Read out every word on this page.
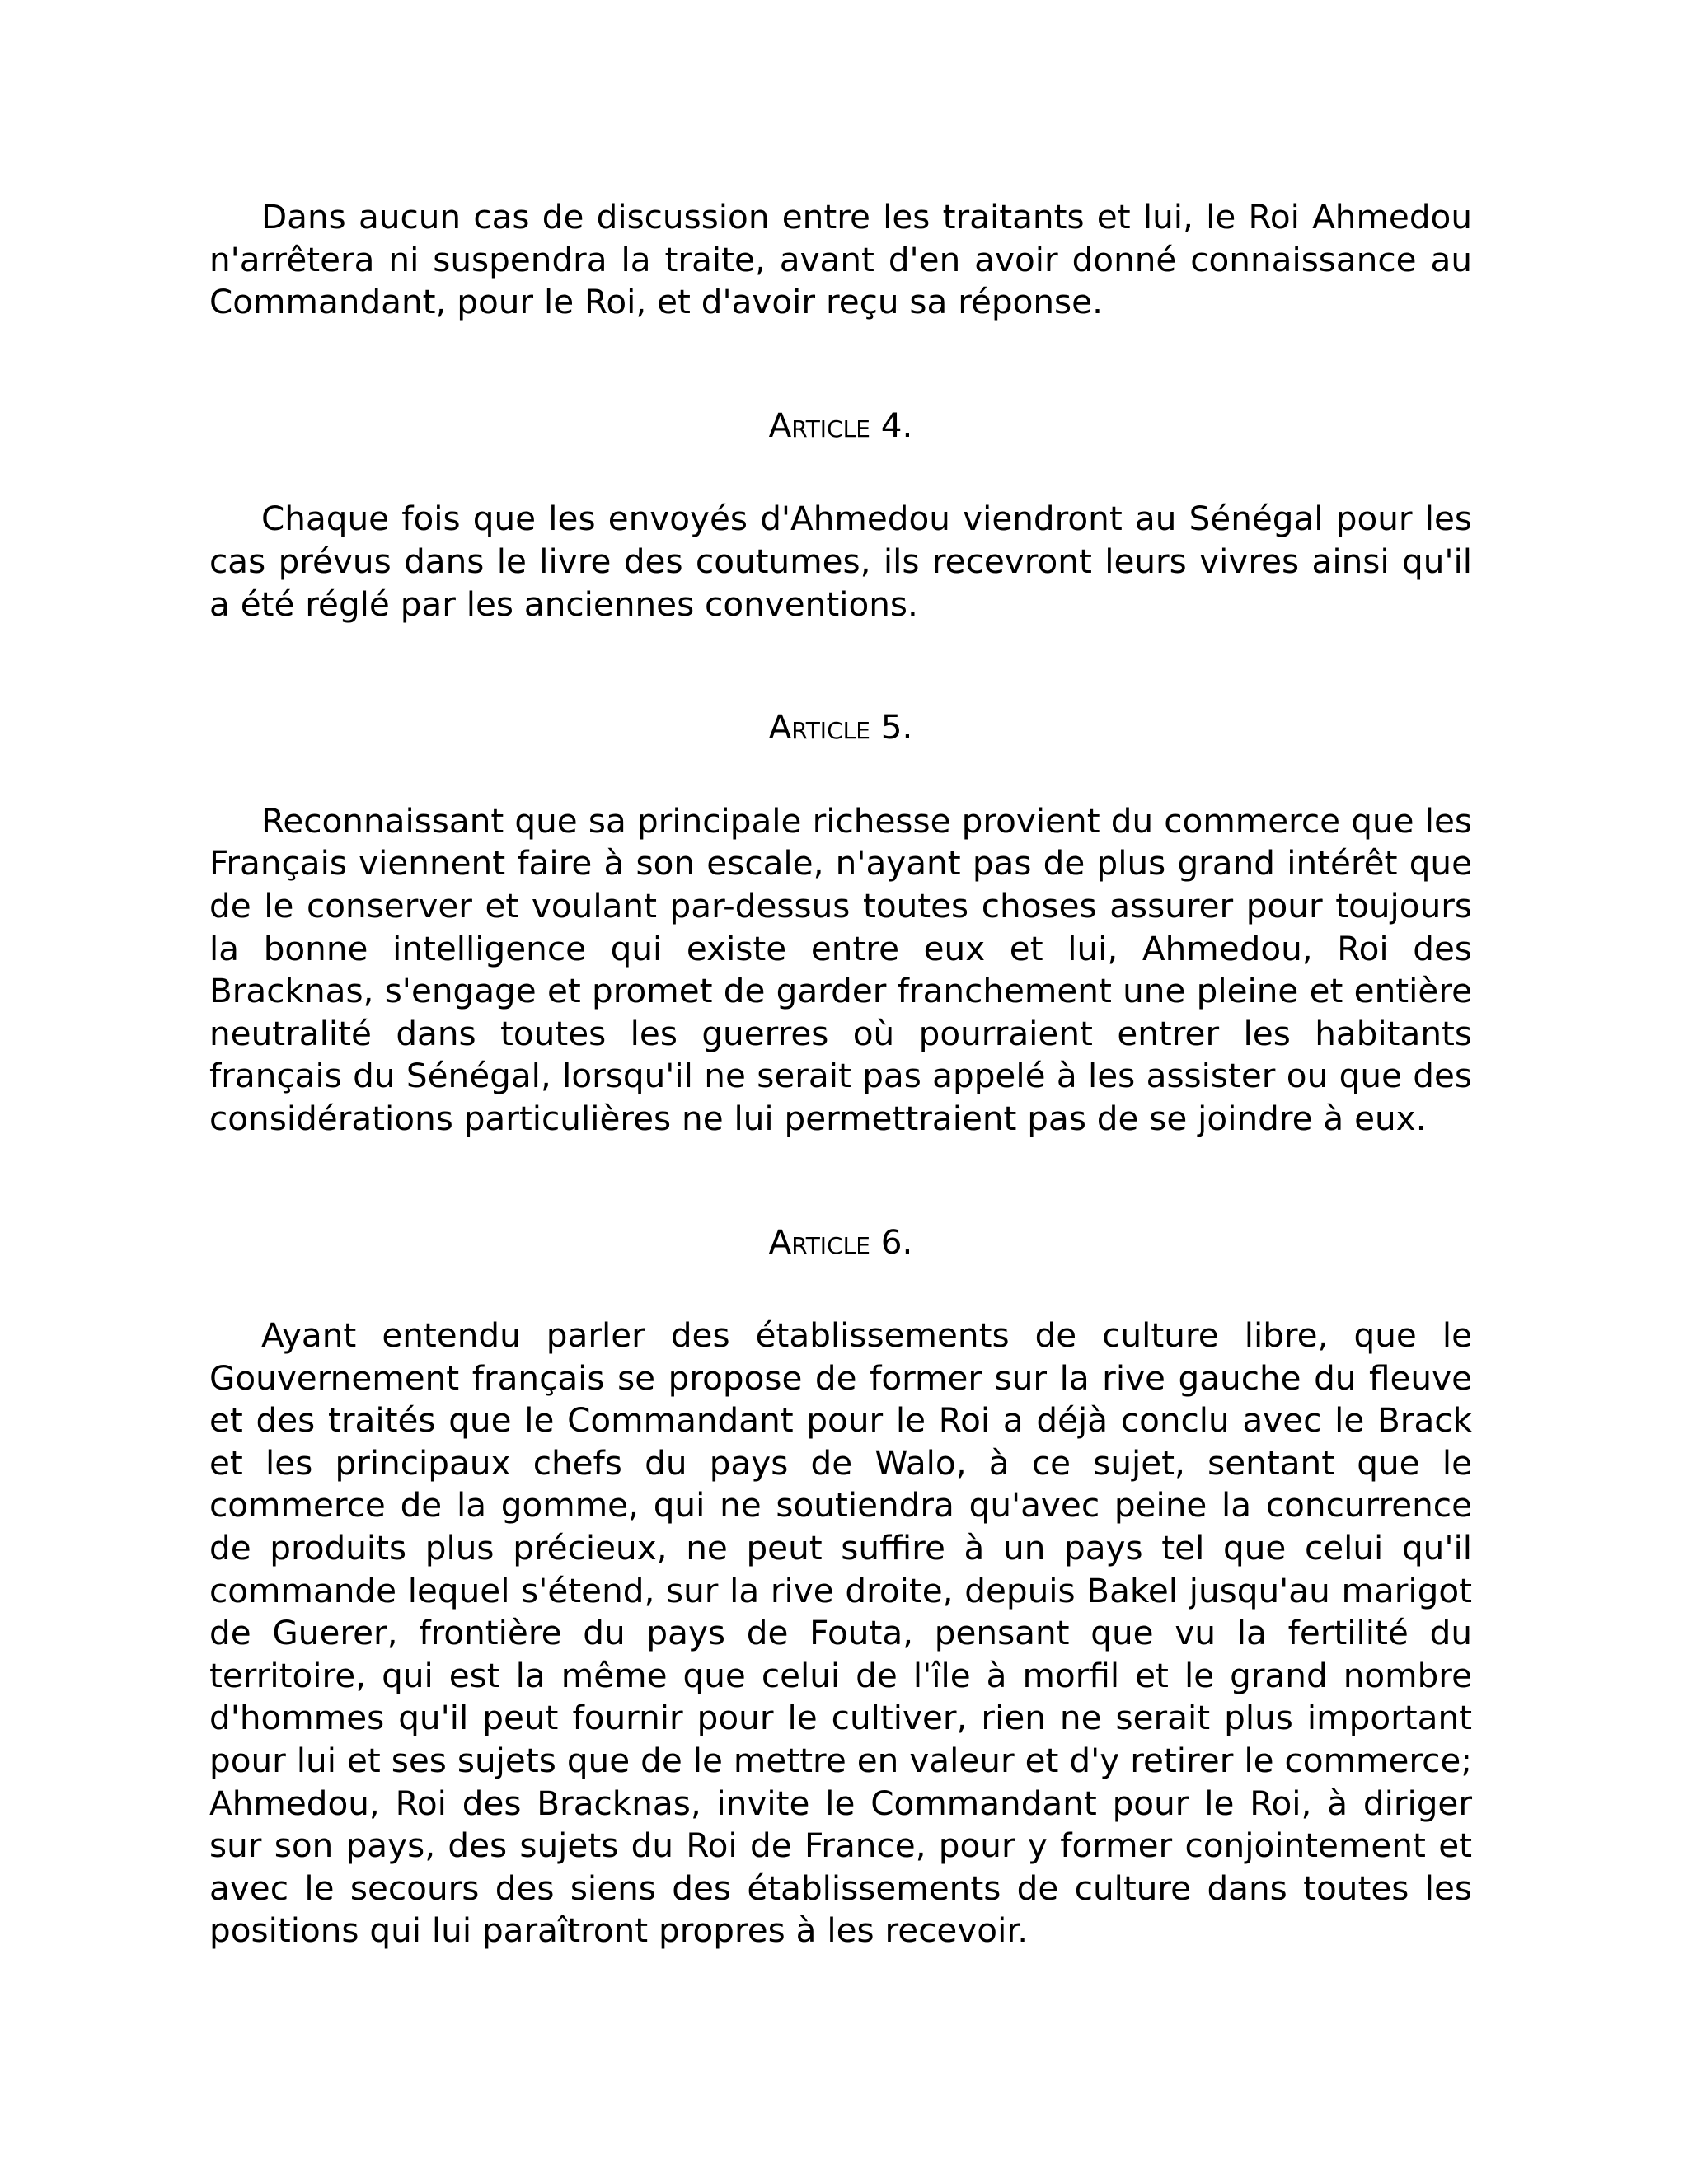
Dans aucun cas de discussion entre les traitants et lui, le Roi Ahmedou n'arrêtera ni suspendra la traite, avant d'en avoir donné connaissance au Commandant, pour le Roi, et d'avoir reçu sa réponse.

Article 4.

Chaque fois que les envoyés d'Ahmedou viendront au Sénégal pour les cas prévus dans le livre des coutumes, ils recevront leurs vivres ainsi qu'il a été réglé par les anciennes conventions.

Article 5.

Reconnaissant que sa principale richesse provient du commerce que les Français viennent faire à son escale, n'ayant pas de plus grand intérêt que de le conserver et voulant par-dessus toutes choses assurer pour toujours la bonne intelligence qui existe entre eux et lui, Ahmedou, Roi des Bracknas, s'engage et promet de garder franchement une pleine et entière neutralité dans toutes les guerres où pourraient entrer les habitants français du Sénégal, lorsqu'il ne serait pas appelé à les assister ou que des considérations particulières ne lui permettraient pas de se joindre à eux.

Article 6.

Ayant entendu parler des établissements de culture libre, que le Gouvernement français se propose de former sur la rive gauche du fleuve et des traités que le Commandant pour le Roi a déjà conclu avec le Brack et les principaux chefs du pays de Walo, à ce sujet, sentant que le commerce de la gomme, qui ne soutiendra qu'avec peine la concurrence de produits plus précieux, ne peut suffire à un pays tel que celui qu'il commande lequel s'étend, sur la rive droite, depuis Bakel jusqu'au marigot de Guerer, frontière du pays de Fouta, pensant que vu la fertilité du territoire, qui est la même que celui de l'île à morfil et le grand nombre d'hommes qu'il peut fournir pour le cultiver, rien ne serait plus important pour lui et ses sujets que de le mettre en valeur et d'y retirer le commerce; Ahmedou, Roi des Bracknas, invite le Commandant pour le Roi, à diriger sur son pays, des sujets du Roi de France, pour y former conjointement et avec le secours des siens des établissements de culture dans toutes les positions qui lui paraîtront propres à les recevoir.
